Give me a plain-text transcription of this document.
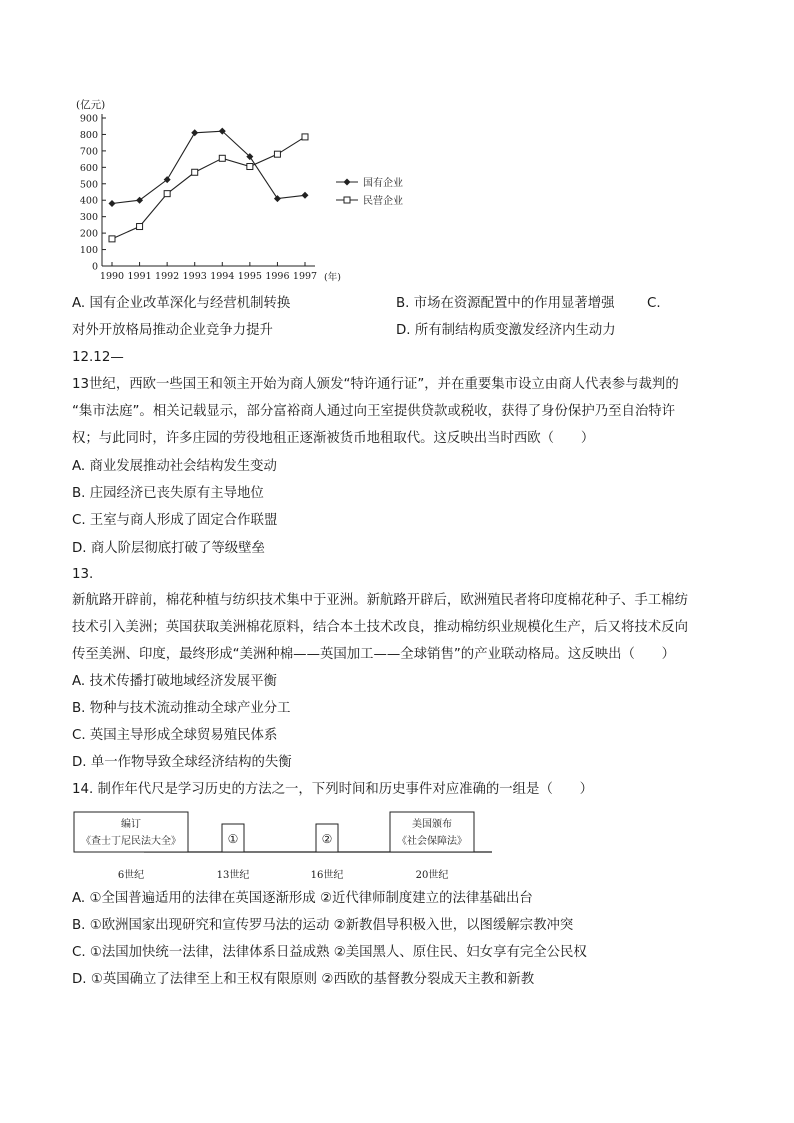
(亿元)
(年)
0
100
200
300
400
500
600
700
800
900
1990 1991 1992 1993 1994 1995 1996 1997
国有企业
民营企业
A. 国有企业改革深化与经营机制转换	B. 市场在资源配置中的作用显著增强 C.
对外开放格局推动企业竞争力提升	D. 所有制结构质变激发经济内生动力
12.12—
13世纪，西欧一些国王和领主开始为商人颁发“特许通行证”，并在重要集市设立由商人代表参与裁判的
“集市法庭”。相关记载显示，部分富裕商人通过向王室提供贷款或税收，获得了身份保护乃至自治特许
权；与此同时，许多庄园的劳役地租正逐渐被货币地租取代。这反映出当时西欧（　　）
A. 商业发展推动社会结构发生变动
B. 庄园经济已丧失原有主导地位
C. 王室与商人形成了固定合作联盟
D. 商人阶层彻底打破了等级壁垒
13.
新航路开辟前，棉花种植与纺织技术集中于亚洲。新航路开辟后，欧洲殖民者将印度棉花种子、手工棉纺
技术引入美洲；英国获取美洲棉花原料，结合本土技术改良，推动棉纺织业规模化生产，后又将技术反向
传至美洲、印度，最终形成“美洲种棉——英国加工——全球销售”的产业联动格局。这反映出（　　）
A. 技术传播打破地域经济发展平衡
B. 物种与技术流动推动全球产业分工
C. 英国主导形成全球贸易殖民体系
D. 单一作物导致全球经济结构的失衡
14. 制作年代尺是学习历史的方法之一，下列时间和历史事件对应准确的一组是（　　）
编订
《查士丁尼民法大全》	①	②
美国颁布
《社会保障法》
6世纪	13世纪	16世纪	20世纪
A. ①全国普遍适用的法律在英国逐渐形成 ②近代律师制度建立的法律基础出台
B. ①欧洲国家出现研究和宣传罗马法的运动 ②新教倡导积极入世，以图缓解宗教冲突
C. ①法国加快统一法律，法律体系日益成熟 ②美国黑人、原住民、妇女享有完全公民权
D. ①英国确立了法律至上和王权有限原则 ②西欧的基督教分裂成天主教和新教
